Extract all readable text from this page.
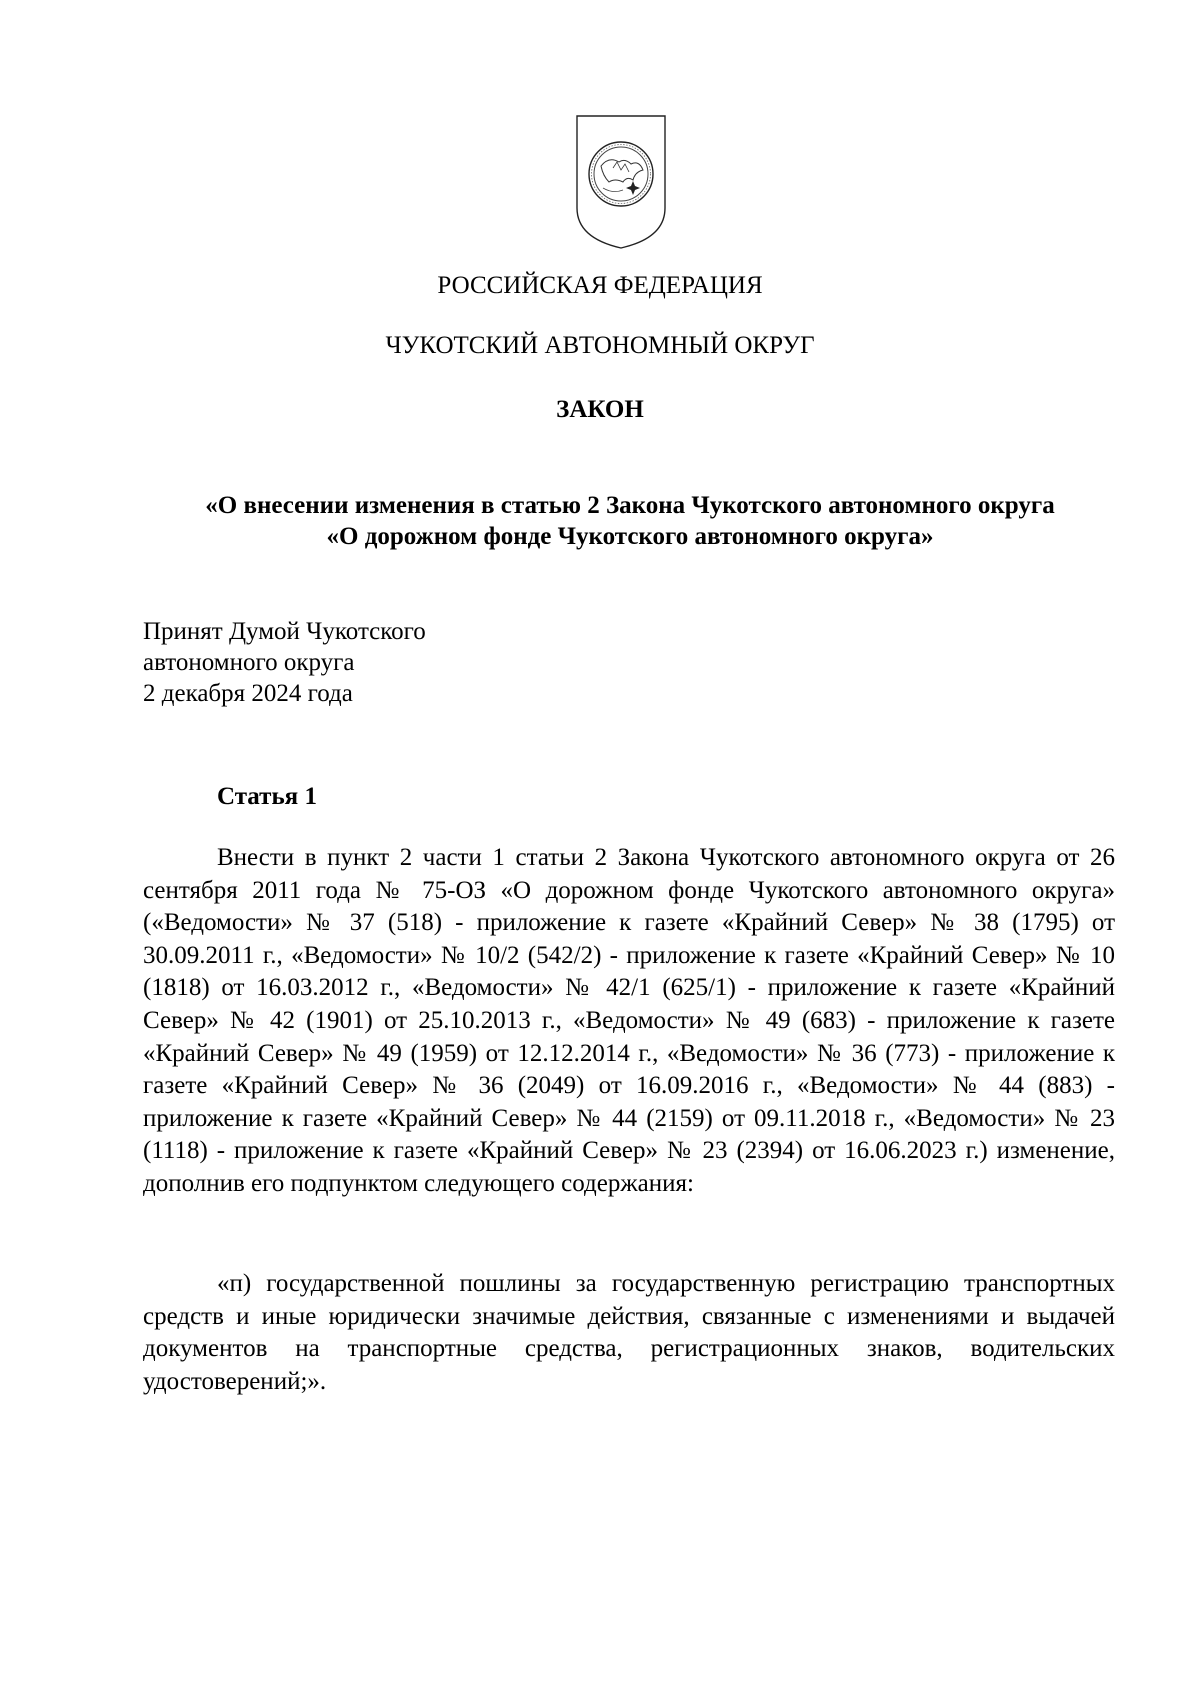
РОССИЙСКАЯ ФЕДЕРАЦИЯ
ЧУКОТСКИЙ АВТОНОМНЫЙ ОКРУГ
ЗАКОН
«О внесении изменения в статью 2 Закона Чукотского автономного округа
«О дорожном фонде Чукотского автономного округа»
Принят Думой Чукотского
автономного округа
2 декабря 2024 года
Статья 1

Внести в пункт 2 части 1 статьи 2 Закона Чукотского автономного округа от 26 сентября 2011 года № 75-ОЗ «О дорожном фонде Чукотского автономного округа» («Ведомости» № 37 (518) - приложение к газете «Крайний Север» № 38 (1795) от 30.09.2011 г., «Ведомости» № 10/2 (542/2) - приложение к газете «Крайний Север» № 10 (1818) от 16.03.2012 г., «Ведомости» № 42/1 (625/1) - приложение к газете «Крайний Север» № 42 (1901) от 25.10.2013 г., «Ведомости» № 49 (683) - приложение к газете «Крайний Север» № 49 (1959) от 12.12.2014 г., «Ведомости» № 36 (773) - приложение к газете «Крайний Север» № 36 (2049) от 16.09.2016 г., «Ведомости» № 44 (883) - приложение к газете «Крайний Север» № 44 (2159) от 09.11.2018 г., «Ведомости» № 23 (1118) - приложение к газете «Крайний Север» № 23 (2394) от 16.06.2023 г.) изменение, дополнив его подпунктом следующего содержания:

«п) государственной пошлины за государственную регистрацию транспортных средств и иные юридически значимые действия, связанные с изменениями и выдачей документов на транспортные средства, регистрационных знаков, водительских удостоверений;».
